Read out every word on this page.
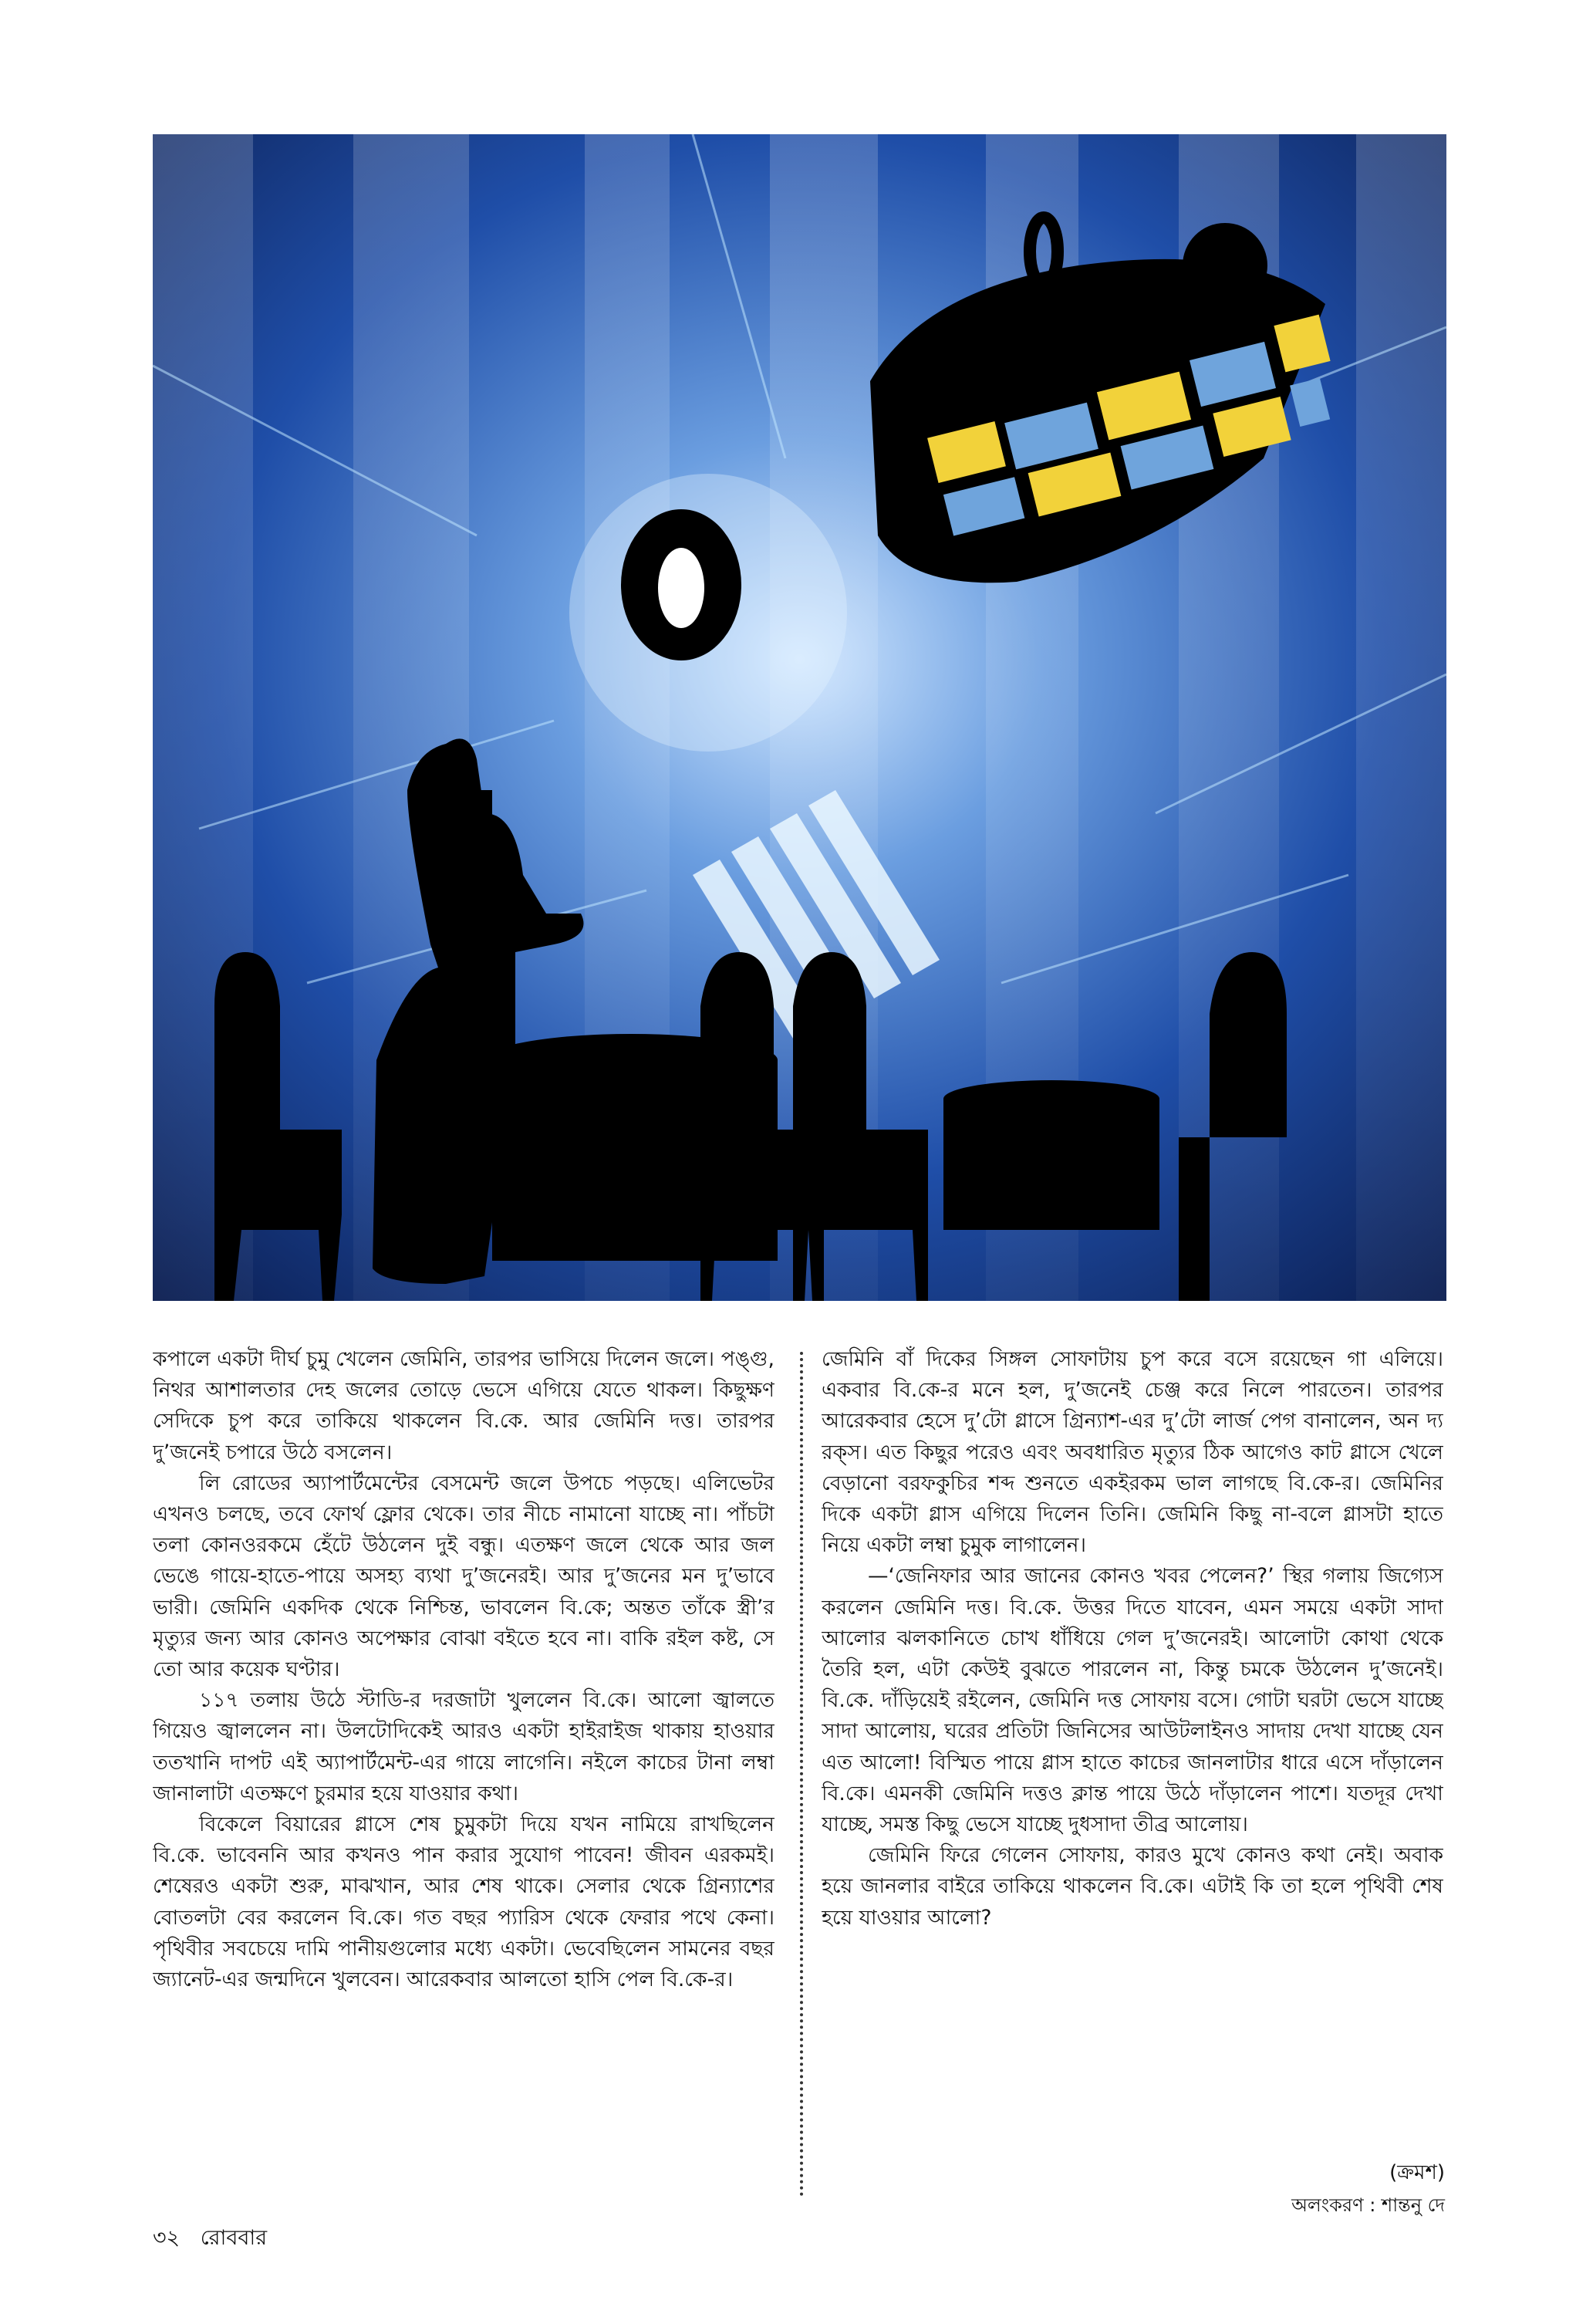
কপালে একটা দীর্ঘ চুমু খেলেন জেমিনি, তারপর ভাসিয়ে দিলেন জলে। পঙ্গু, নিথর আশালতার দেহ জলের তোড়ে ভেসে এগিয়ে যেতে থাকল। কিছুক্ষণ সেদিকে চুপ করে তাকিয়ে থাকলেন বি.কে. আর জেমিনি দত্ত। তারপর দু’জনেই চপারে উঠে বসলেন।

লি রোডের অ্যাপার্টমেন্টের বেসমেন্ট জলে উপচে পড়ছে। এলিভেটর এখনও চলছে, তবে ফোর্থ ফ্লোর থেকে। তার নীচে নামানো যাচ্ছে না। পাঁচটা তলা কোনওরকমে হেঁটে উঠলেন দুই বন্ধু। এতক্ষণ জলে থেকে আর জল ভেঙে গায়ে-হাতে-পায়ে অসহ্য ব্যথা দু’জনেরই। আর দু’জনের মন দু’ভাবে ভারী। জেমিনি একদিক থেকে নিশ্চিন্ত, ভাবলেন বি.কে; অন্তত তাঁকে স্ত্রী’র মৃত্যুর জন্য আর কোনও অপেক্ষার বোঝা বইতে হবে না। বাকি রইল কষ্ট, সে তো আর কয়েক ঘণ্টার।

১১৭ তলায় উঠে স্টাডি-র দরজাটা খুললেন বি.কে। আলো জ্বালতে গিয়েও জ্বাললেন না। উলটোদিকেই আরও একটা হাইরাইজ থাকায় হাওয়ার ততখানি দাপট এই অ্যাপার্টমেন্ট-এর গায়ে লাগেনি। নইলে কাচের টানা লম্বা জানালাটা এতক্ষণে চুরমার হয়ে যাওয়ার কথা।

বিকেলে বিয়ারের গ্লাসে শেষ চুমুকটা দিয়ে যখন নামিয়ে রাখছিলেন বি.কে. ভাবেননি আর কখনও পান করার সুযোগ পাবেন! জীবন এরকমই। শেষেরও একটা শুরু, মাঝখান, আর শেষ থাকে। সেলার থেকে গ্রিন্যাশের বোতলটা বের করলেন বি.কে। গত বছর প্যারিস থেকে ফেরার পথে কেনা। পৃথিবীর সবচেয়ে দামি পানীয়গুলোর মধ্যে একটা। ভেবেছিলেন সামনের বছর জ্যানেট-এর জন্মদিনে খুলবেন। আরেকবার আলতো হাসি পেল বি.কে-র।

জেমিনি বাঁ দিকের সিঙ্গল সোফাটায় চুপ করে বসে রয়েছেন গা এলিয়ে। একবার বি.কে-র মনে হল, দু’জনেই চেঞ্জ করে নিলে পারতেন। তারপর আরেকবার হেসে দু’টো গ্লাসে গ্রিন্যাশ-এর দু’টো লার্জ পেগ বানালেন, অন দ্য রক্‌স। এত কিছুর পরেও এবং অবধারিত মৃত্যুর ঠিক আগেও কাট গ্লাসে খেলে বেড়ানো বরফকুচির শব্দ শুনতে একইরকম ভাল লাগছে বি.কে-র। জেমিনির দিকে একটা গ্লাস এগিয়ে দিলেন তিনি। জেমিনি কিছু না-বলে গ্লাসটা হাতে নিয়ে একটা লম্বা চুমুক লাগালেন।

—‘জেনিফার আর জানের কোনও খবর পেলেন?’ স্থির গলায় জিগ্যেস করলেন জেমিনি দত্ত। বি.কে. উত্তর দিতে যাবেন, এমন সময়ে একটা সাদা আলোর ঝলকানিতে চোখ ধাঁধিয়ে গেল দু’জনেরই। আলোটা কোথা থেকে তৈরি হল, এটা কেউই বুঝতে পারলেন না, কিন্তু চমকে উঠলেন দু’জনেই। বি.কে. দাঁড়িয়েই রইলেন, জেমিনি দত্ত সোফায় বসে। গোটা ঘরটা ভেসে যাচ্ছে সাদা আলোয়, ঘরের প্রতিটা জিনিসের আউটলাইনও সাদায় দেখা যাচ্ছে যেন এত আলো! বিস্মিত পায়ে গ্লাস হাতে কাচের জানলাটার ধারে এসে দাঁড়ালেন বি.কে। এমনকী জেমিনি দত্তও ক্লান্ত পায়ে উঠে দাঁড়ালেন পাশে। যতদূর দেখা যাচ্ছে, সমস্ত কিছু ভেসে যাচ্ছে দুধসাদা তীব্র আলোয়।

জেমিনি ফিরে গেলেন সোফায়, কারও মুখে কোনও কথা নেই। অবাক হয়ে জানলার বাইরে তাকিয়ে থাকলেন বি.কে। এটাই কি তা হলে পৃথিবী শেষ হয়ে যাওয়ার আলো?

(ক্রমশ)
অলংকরণ : শান্তনু দে
৩২ রোববার
